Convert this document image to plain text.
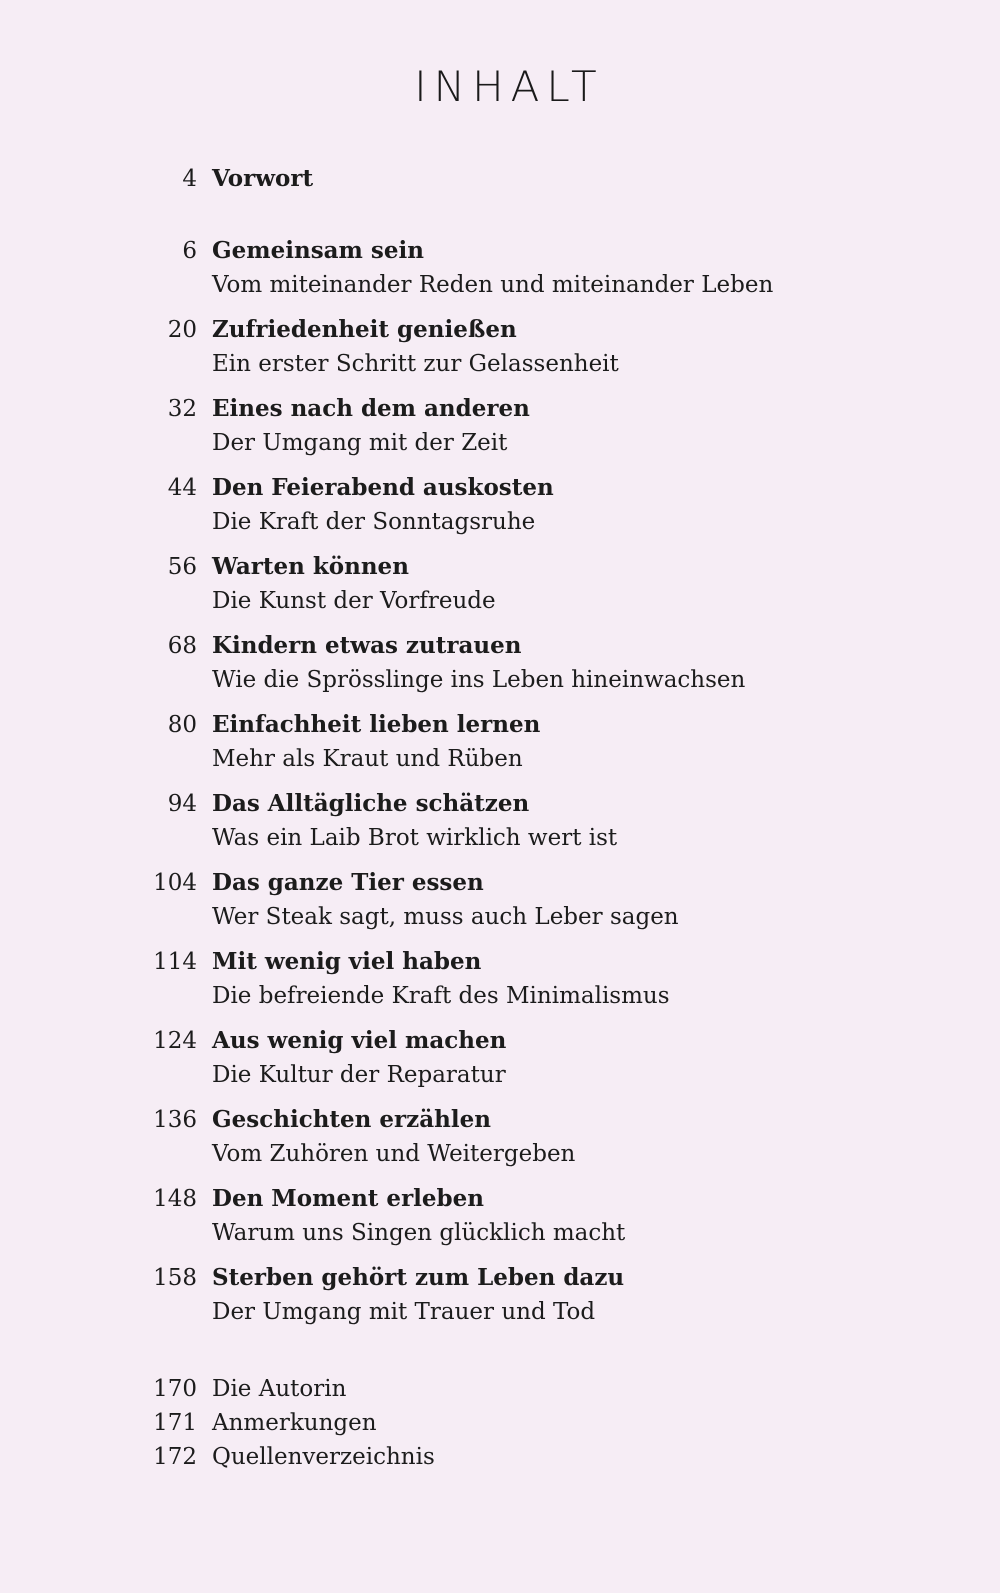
INHALT
4 Vorwort
6 Gemeinsam sein
Vom miteinander Reden und miteinander Leben
20 Zufriedenheit genießen
Ein erster Schritt zur Gelassenheit
32 Eines nach dem anderen
Der Umgang mit der Zeit
44 Den Feierabend auskosten
Die Kraft der Sonntagsruhe
56 Warten können
Die Kunst der Vorfreude
68 Kindern etwas zutrauen
Wie die Sprösslinge ins Leben hineinwachsen
80 Einfachheit lieben lernen
Mehr als Kraut und Rüben
94 Das Alltägliche schätzen
Was ein Laib Brot wirklich wert ist
104 Das ganze Tier essen
Wer Steak sagt, muss auch Leber sagen
114 Mit wenig viel haben
Die befreiende Kraft des Minimalismus
124 Aus wenig viel machen
Die Kultur der Reparatur
136 Geschichten erzählen
Vom Zuhören und Weitergeben
148 Den Moment erleben
Warum uns Singen glücklich macht
158 Sterben gehört zum Leben dazu
Der Umgang mit Trauer und Tod
170 Die Autorin
171 Anmerkungen
172 Quellenverzeichnis
